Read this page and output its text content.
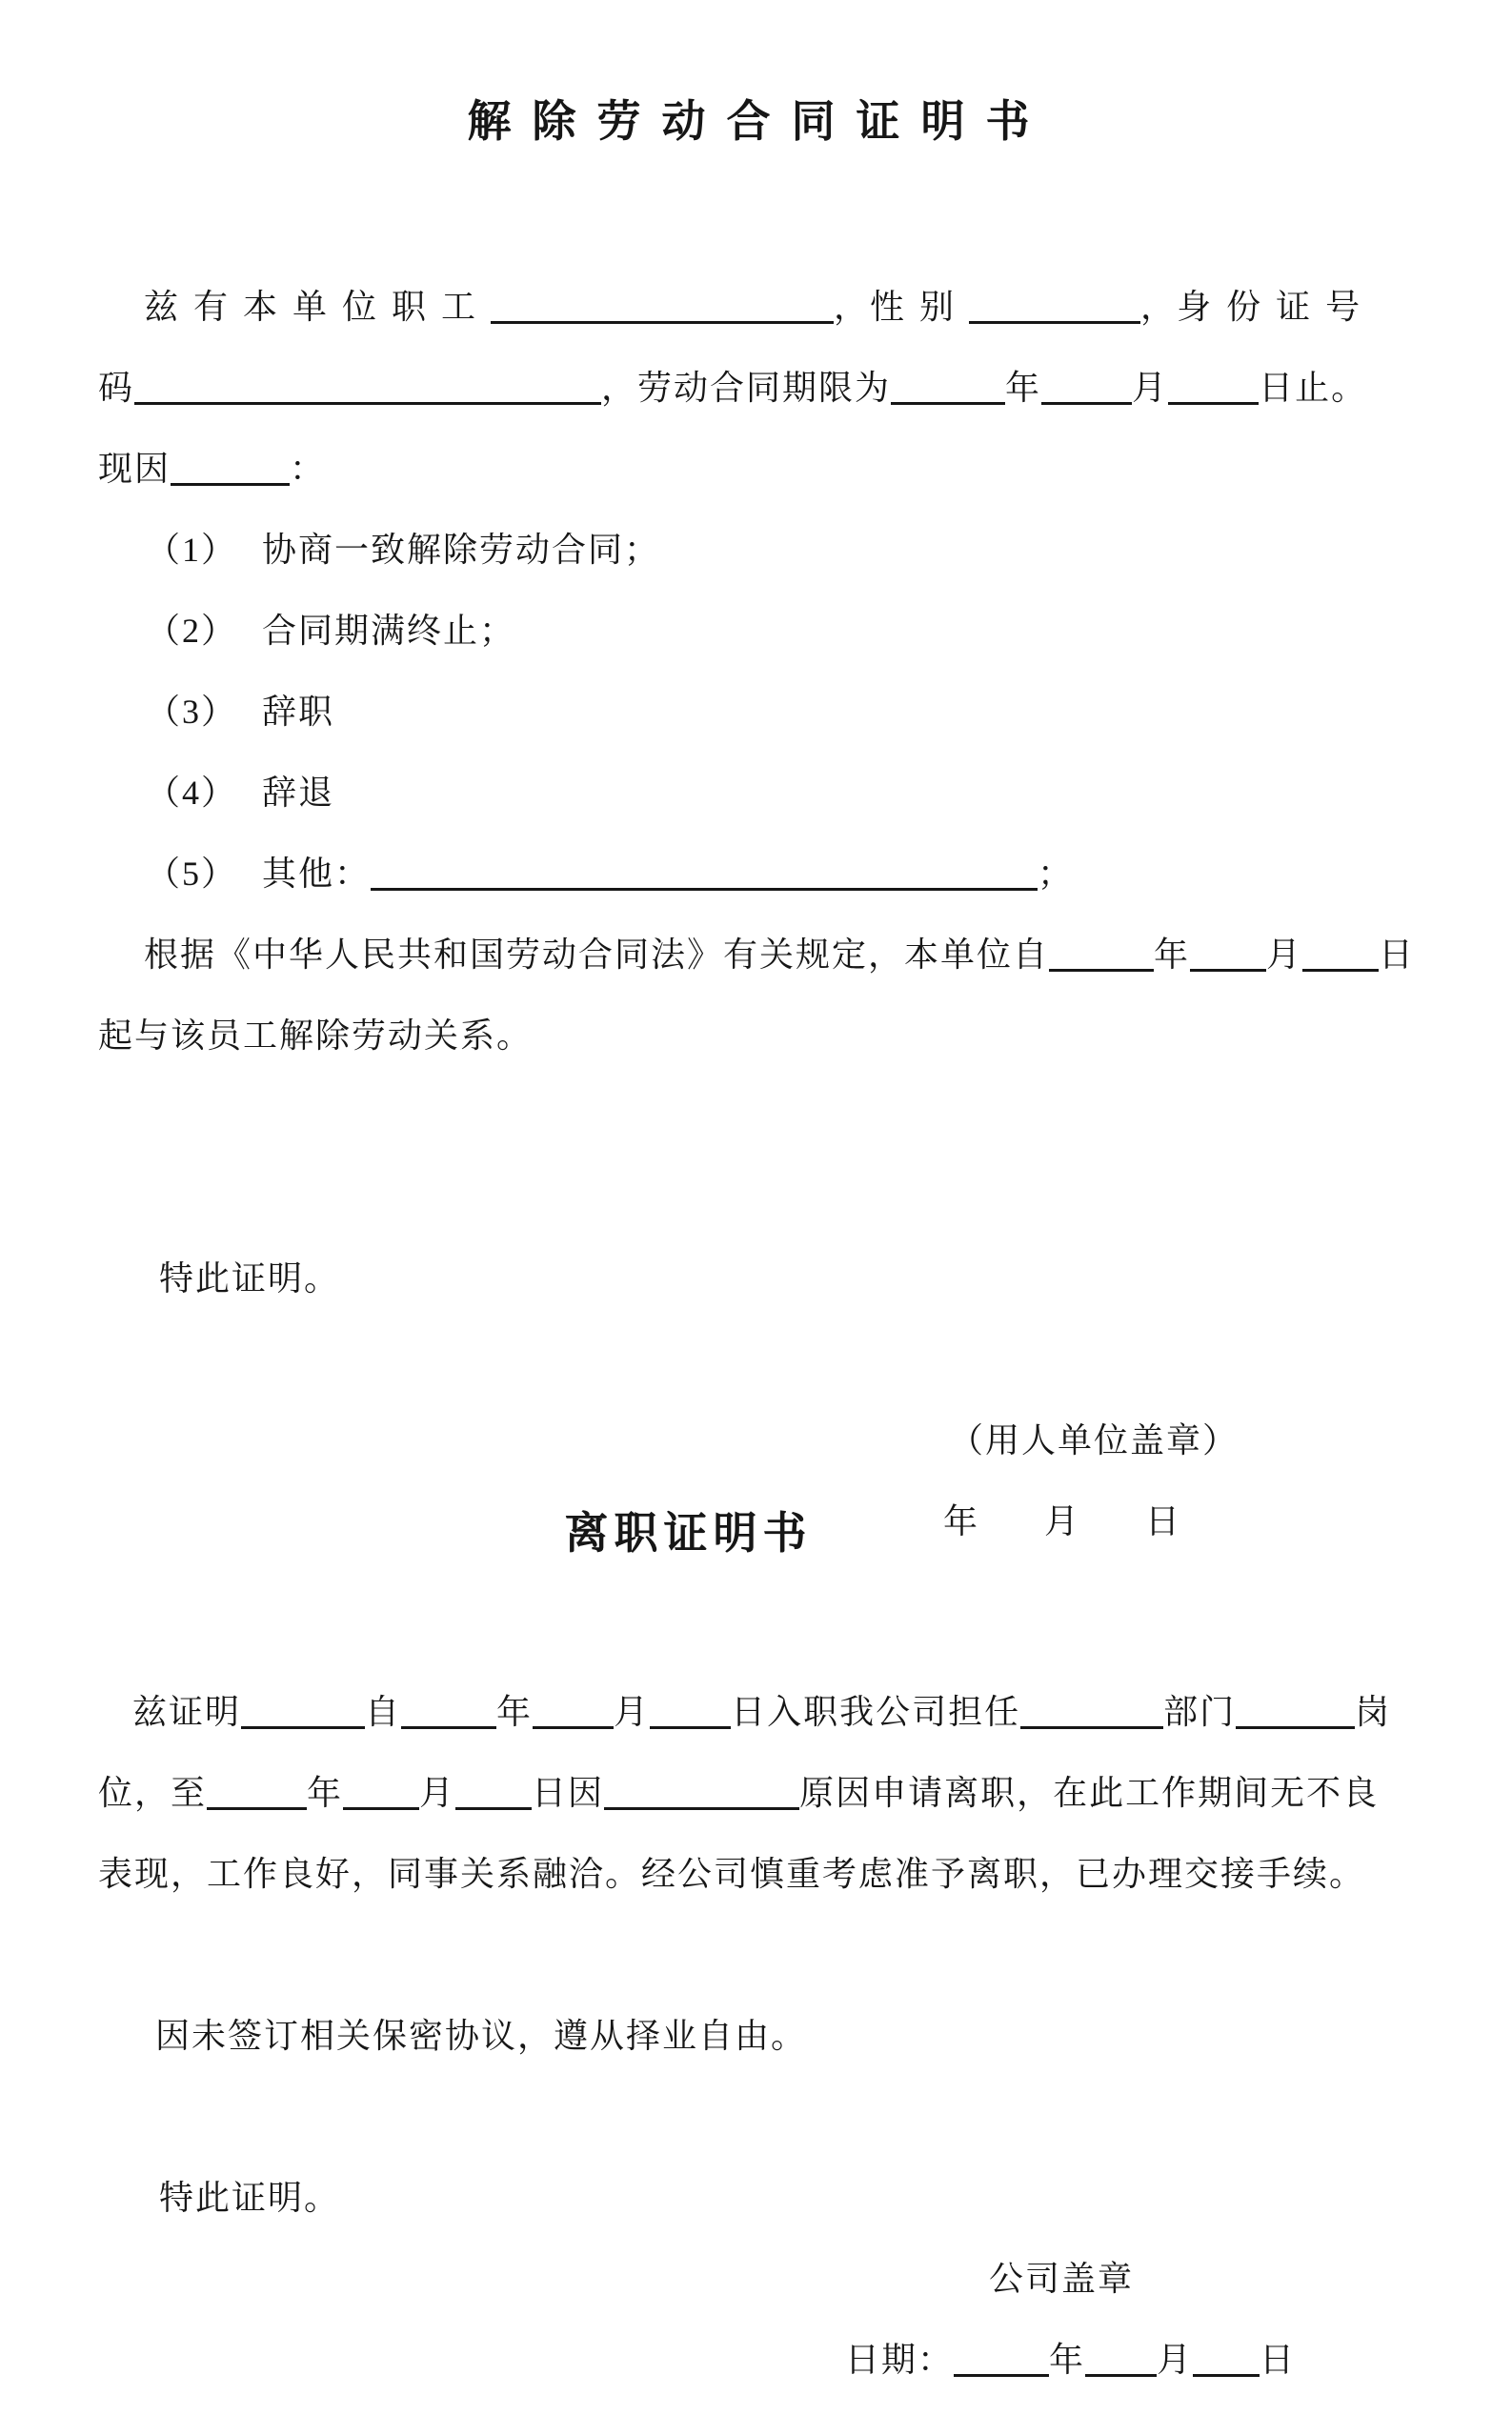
解除劳动合同证明书
兹有本单位职工	，性别	，身份证号
码	，劳动合同期限为	年	月	日止。
现因	：
（1） 协商一致解除劳动合同；
（2） 合同期满终止；
（3） 辞职
（4） 辞退
（5） 其他：	；
根据《中华人民共和国劳动合同法》有关规定，本单位自	年 月 日
起与该员工解除劳动关系。
特此证明。
（用人单位盖章）
年 月 日
离职证明书
兹证明	自	年 月 日入职我公司担任	部门	岗
位，至	年 月 日因	原因申请离职，在此工作期间无不良
表现，工作良好，同事关系融洽。经公司慎重考虑准予离职，已办理交接手续。
因未签订相关保密协议，遵从择业自由。
特此证明。
公司盖章
日期：	年 月 日
